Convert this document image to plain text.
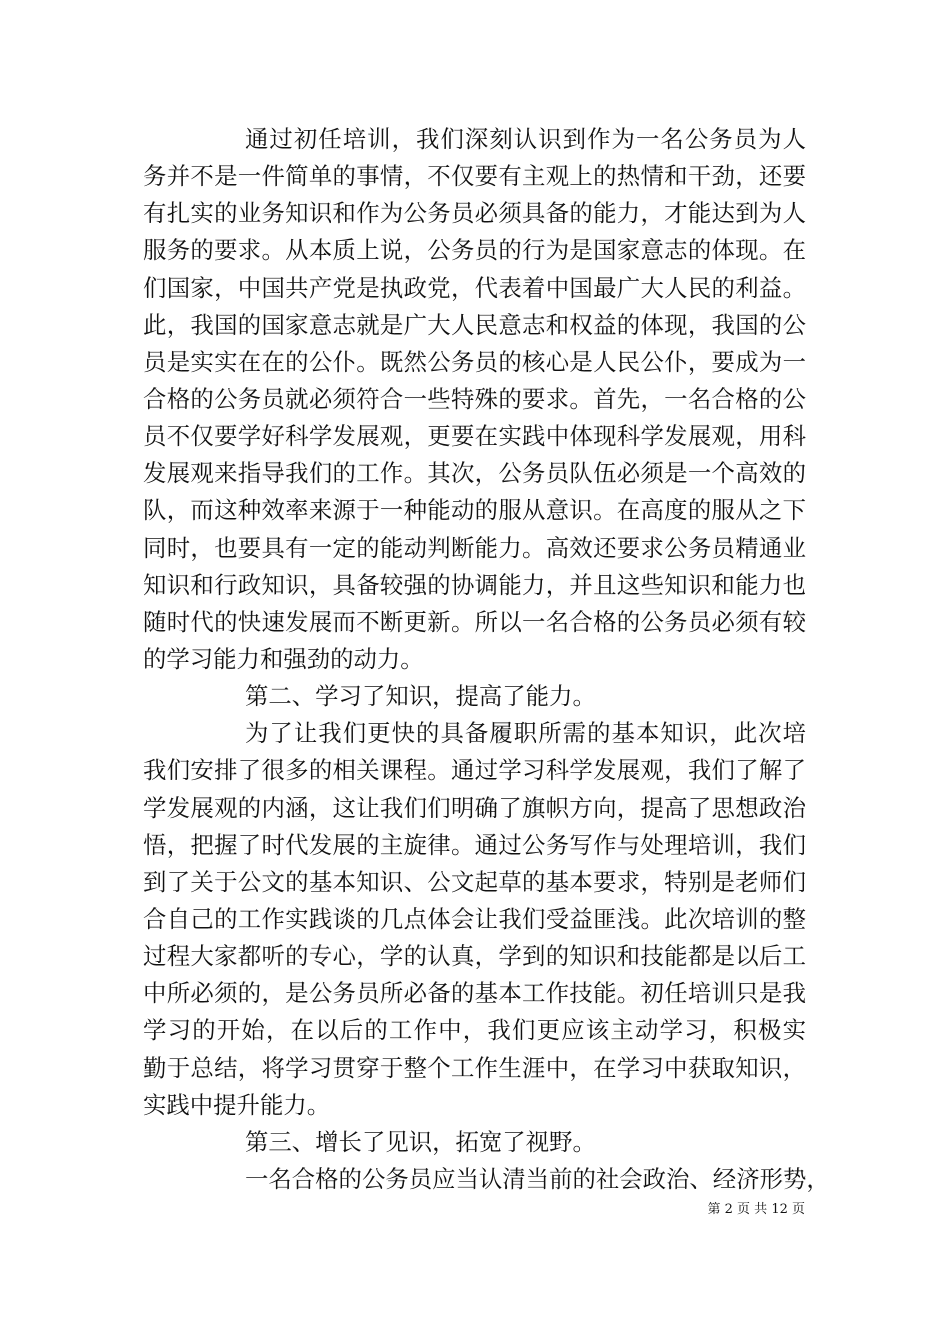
通过初任培训，我们深刻认识到作为一名公务员为人
务并不是一件简单的事情，不仅要有主观上的热情和干劲，还要
有扎实的业务知识和作为公务员必须具备的能力，才能达到为人
服务的要求。从本质上说，公务员的行为是国家意志的体现。在
们国家，中国共产党是执政党，代表着中国最广大人民的利益。
此，我国的国家意志就是广大人民意志和权益的体现，我国的公
员是实实在在的公仆。既然公务员的核心是人民公仆，要成为一
合格的公务员就必须符合一些特殊的要求。首先，一名合格的公
员不仅要学好科学发展观，更要在实践中体现科学发展观，用科
发展观来指导我们的工作。其次，公务员队伍必须是一个高效的
队，而这种效率来源于一种能动的服从意识。在高度的服从之下
同时，也要具有一定的能动判断能力。高效还要求公务员精通业
知识和行政知识，具备较强的协调能力，并且这些知识和能力也
随时代的快速发展而不断更新。所以一名合格的公务员必须有较
的学习能力和强劲的动力。
第二、学习了知识，提高了能力。
为了让我们更快的具备履职所需的基本知识，此次培
我们安排了很多的相关课程。通过学习科学发展观，我们了解了
学发展观的内涵，这让我们们明确了旗帜方向，提高了思想政治
悟，把握了时代发展的主旋律。通过公务写作与处理培训，我们
到了关于公文的基本知识、公文起草的基本要求，特别是老师们
合自己的工作实践谈的几点体会让我们受益匪浅。此次培训的整
过程大家都听的专心，学的认真，学到的知识和技能都是以后工
中所必须的，是公务员所必备的基本工作技能。初任培训只是我
学习的开始，在以后的工作中，我们更应该主动学习，积极实
勤于总结，将学习贯穿于整个工作生涯中，在学习中获取知识，
实践中提升能力。
第三、增长了见识，拓宽了视野。
一名合格的公务员应当认清当前的社会政治、经济形势，
第 2 页 共 12 页
